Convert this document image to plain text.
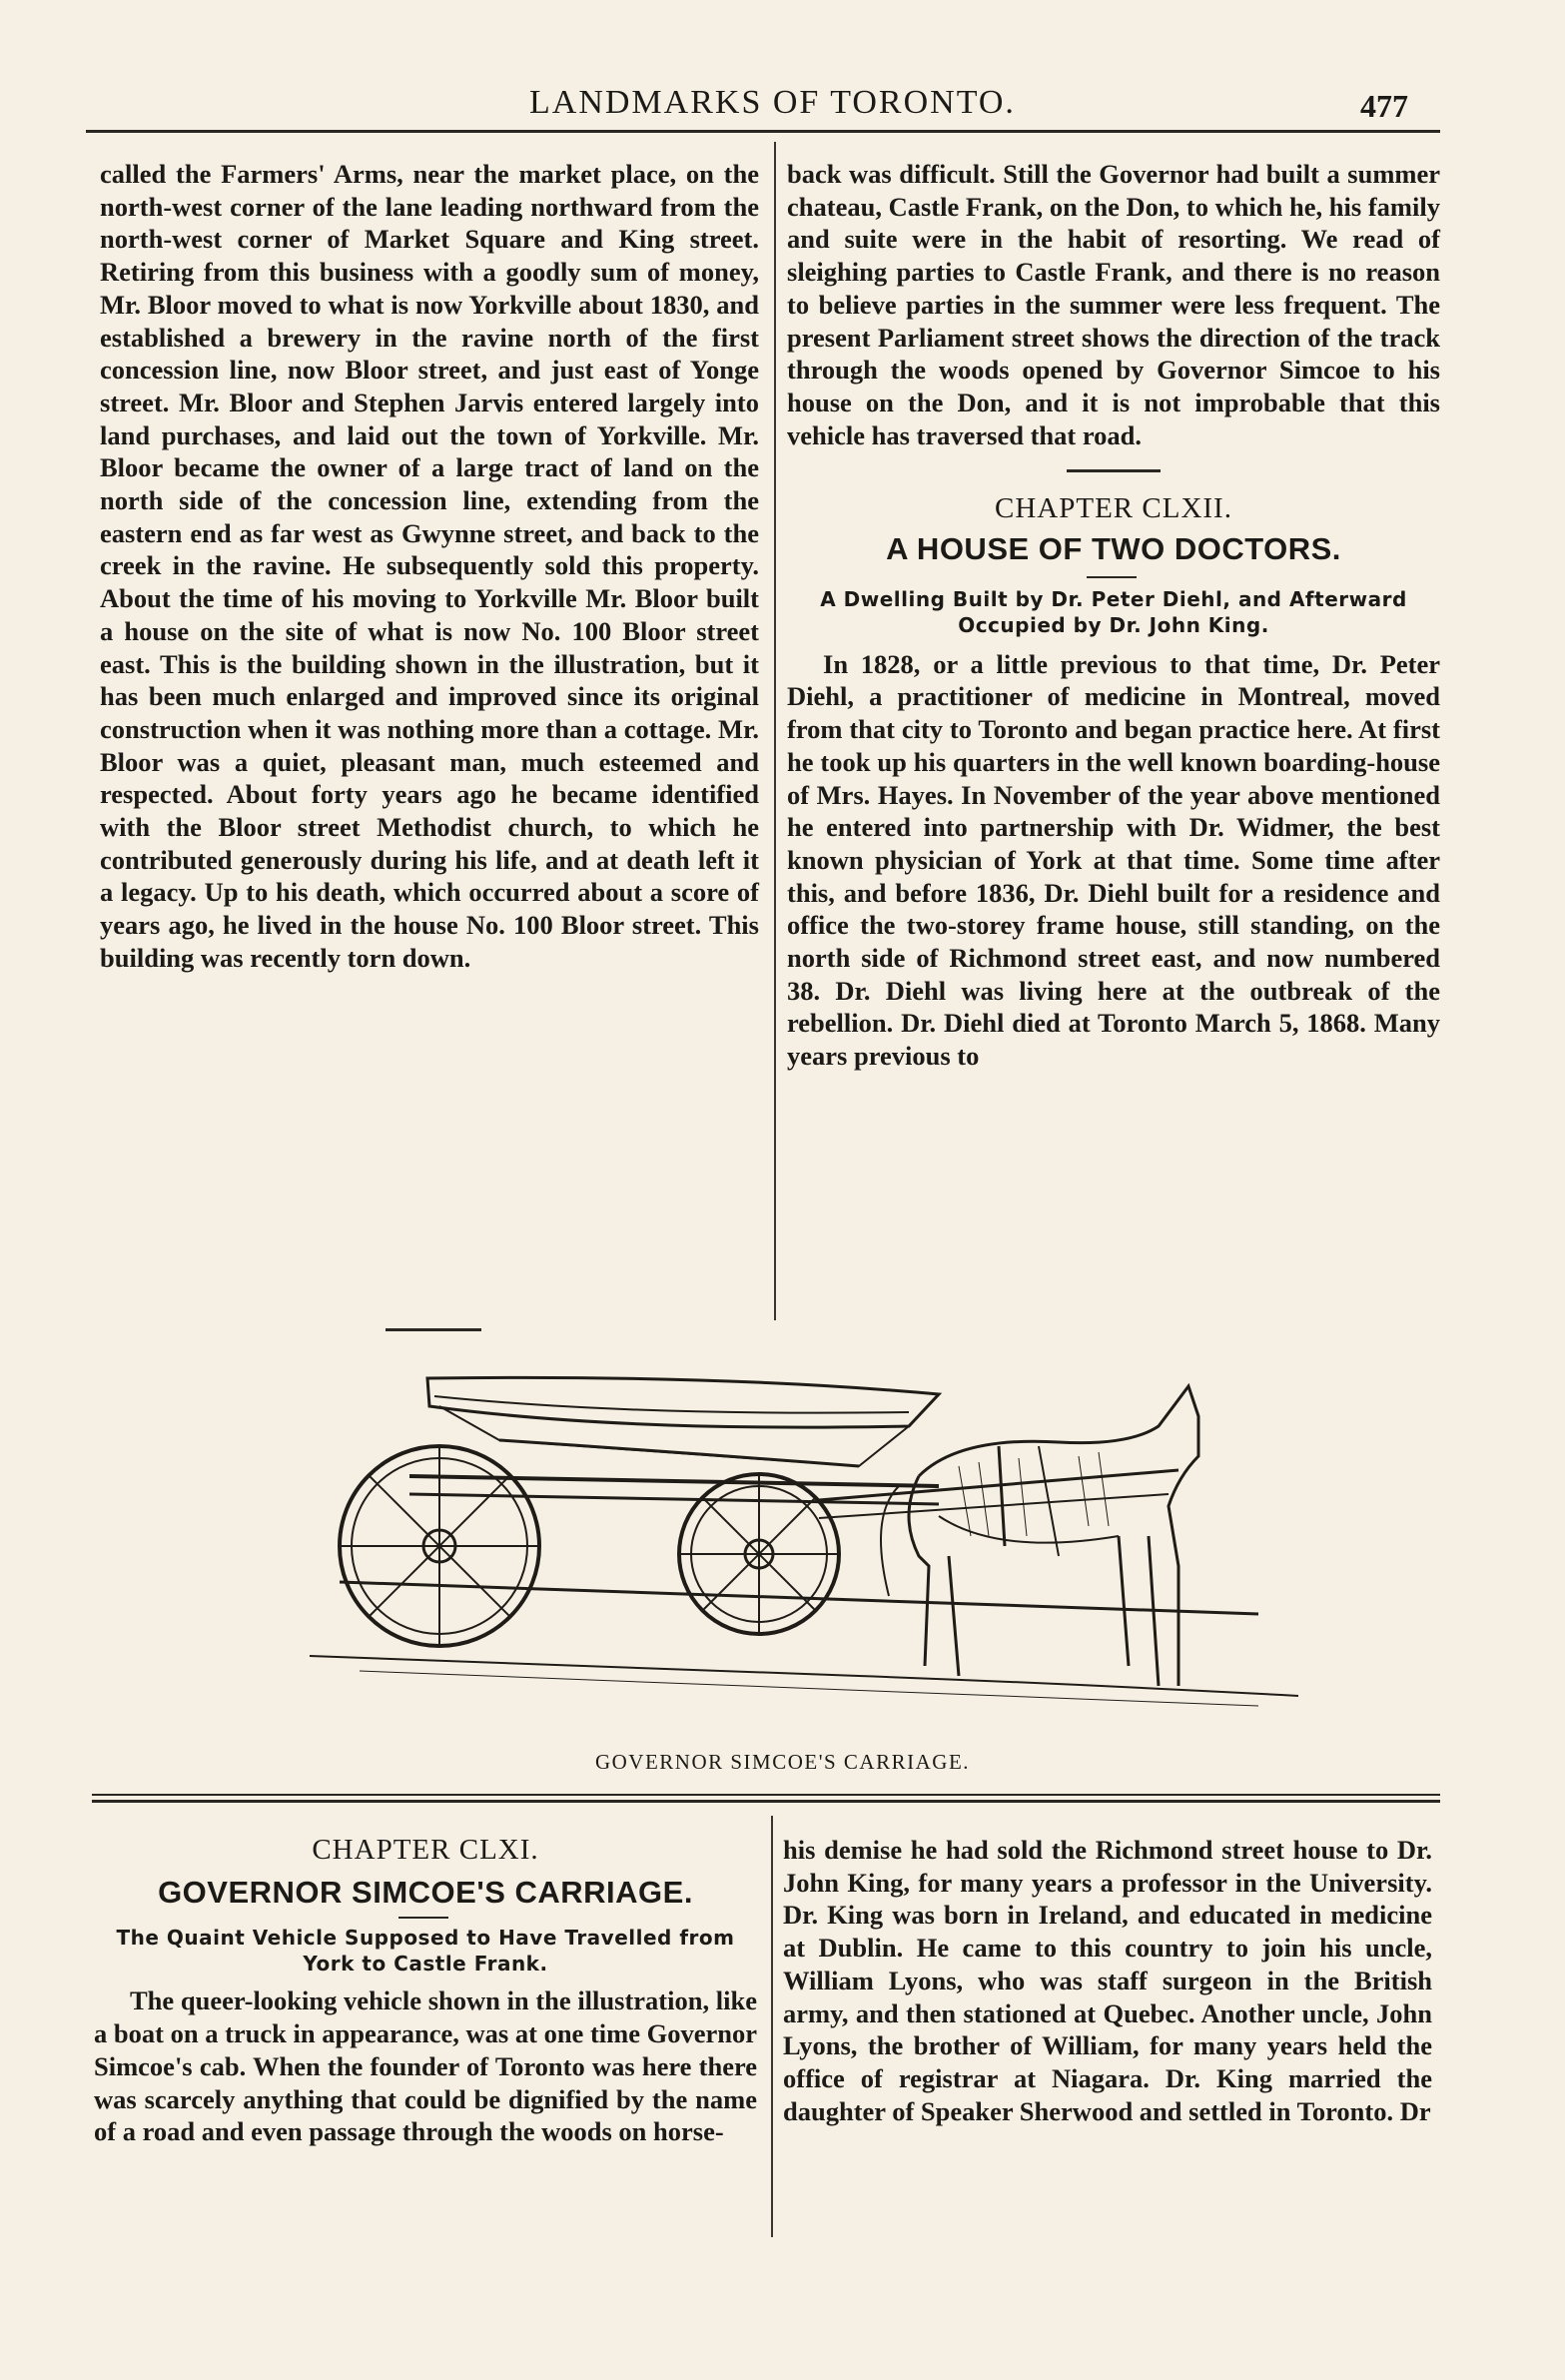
LANDMARKS OF TORONTO.	477

called the Farmers' Arms, near the market place, on the north-west corner of the lane leading northward from the north-west corner of Market Square and King street. Retiring from this business with a goodly sum of money, Mr. Bloor moved to what is now Yorkville about 1830, and established a brewery in the ravine north of the first concession line, now Bloor street, and just east of Yonge street. Mr. Bloor and Stephen Jarvis entered largely into land purchases, and laid out the town of Yorkville. Mr. Bloor became the owner of a large tract of land on the north side of the concession line, extending from the eastern end as far west as Gwynne street, and back to the creek in the ravine. He subsequently sold this property. About the time of his moving to Yorkville Mr. Bloor built a house on the site of what is now No. 100 Bloor street east. This is the building shown in the illustration, but it has been much enlarged and improved since its original construction when it was nothing more than a cottage. Mr. Bloor was a quiet, pleasant man, much esteemed and respected. About forty years ago he became identified with the Bloor street Methodist church, to which he contributed generously during his life, and at death left it a legacy. Up to his death, which occurred about a score of years ago, he lived in the house No. 100 Bloor street. This building was recently torn down.

back was difficult. Still the Governor had built a summer chateau, Castle Frank, on the Don, to which he, his family and suite were in the habit of resorting. We read of sleighing parties to Castle Frank, and there is no reason to believe parties in the summer were less frequent. The present Parliament street shows the direction of the track through the woods opened by Governor Simcoe to his house on the Don, and it is not improbable that this vehicle has traversed that road.

CHAPTER CLXII.

A HOUSE OF TWO DOCTORS.

A Dwelling Built by Dr. Peter Diehl, and Afterward Occupied by Dr. John King.

In 1828, or a little previous to that time, Dr. Peter Diehl, a practitioner of medicine in Montreal, moved from that city to Toronto and began practice here. At first he took up his quarters in the well known boarding-house of Mrs. Hayes. In November of the year above mentioned he entered into partnership with Dr. Widmer, the best known physician of York at that time. Some time after this, and before 1836, Dr. Diehl built for a residence and office the two-storey frame house, still standing, on the north side of Richmond street east, and now numbered 38. Dr. Diehl was living here at the outbreak of the rebellion. Dr. Diehl died at Toronto March 5, 1868. Many years previous to

GOVERNOR SIMCOE'S CARRIAGE.

CHAPTER CLXI.

GOVERNOR SIMCOE'S CARRIAGE.

The Quaint Vehicle Supposed to Have Travelled from York to Castle Frank.

The queer-looking vehicle shown in the illustration, like a boat on a truck in appearance, was at one time Governor Simcoe's cab. When the founder of Toronto was here there was scarcely anything that could be dignified by the name of a road and even passage through the woods on horse-

his demise he had sold the Richmond street house to Dr. John King, for many years a professor in the University. Dr. King was born in Ireland, and educated in medicine at Dublin. He came to this country to join his uncle, William Lyons, who was staff surgeon in the British army, and then stationed at Quebec. Another uncle, John Lyons, the brother of William, for many years held the office of registrar at Niagara. Dr. King married the daughter of Speaker Sherwood and settled in Toronto. Dr
